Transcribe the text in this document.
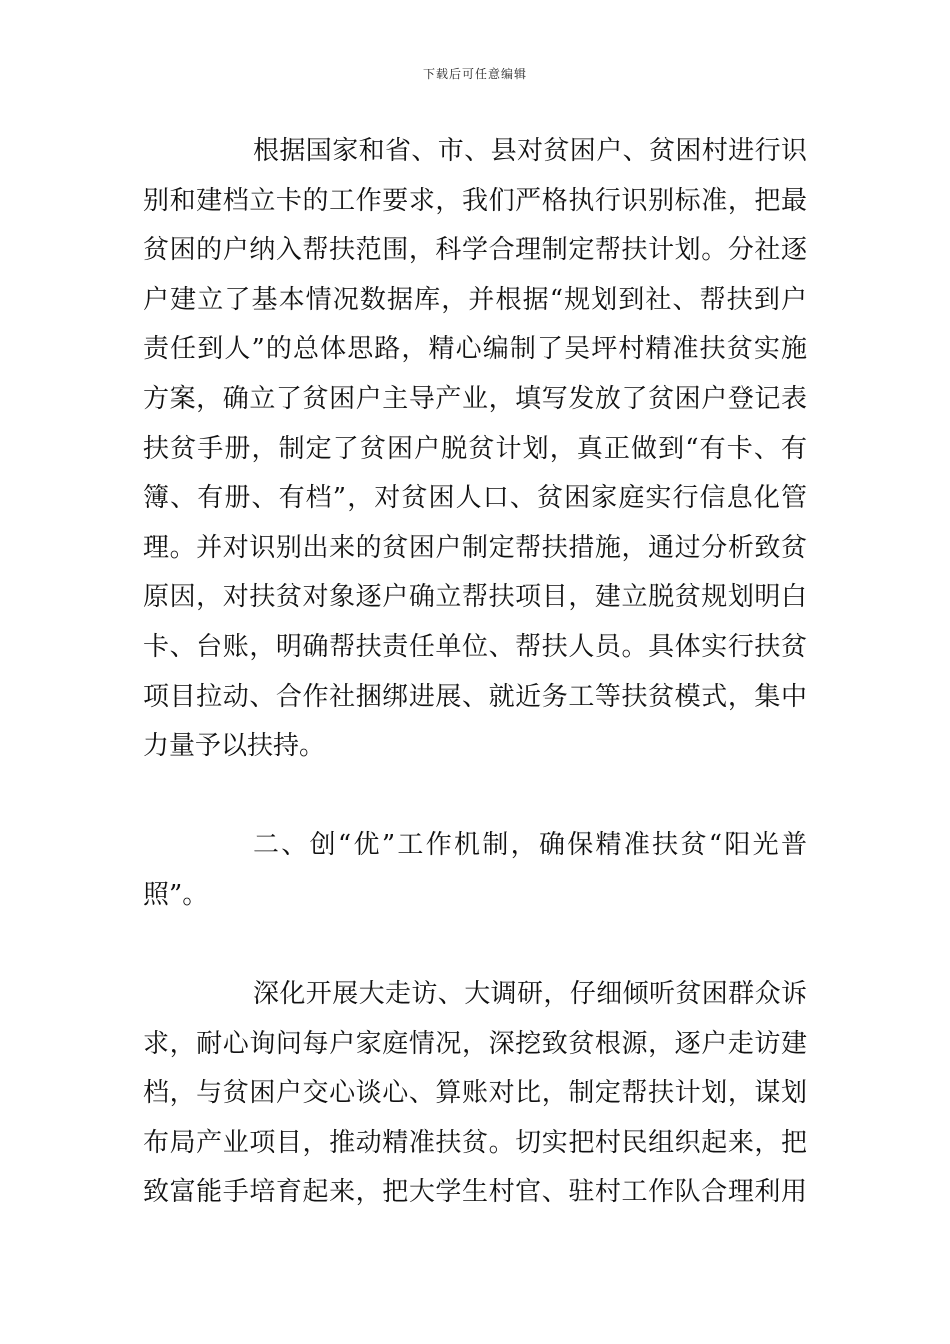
下载后可任意编辑
根据国家和省、市、县对贫困户、贫困村进行识
别和建档立卡的工作要求，我们严格执行识别标准，把最
贫困的户纳入帮扶范围，科学合理制定帮扶计划。分社逐
户建立了基本情况数据库，并根据“规划到社、帮扶到户
责任到人”的总体思路，精心编制了吴坪村精准扶贫实施
方案，确立了贫困户主导产业，填写发放了贫困户登记表
扶贫手册，制定了贫困户脱贫计划，真正做到“有卡、有
簿、有册、有档”，对贫困人口、贫困家庭实行信息化管
理。并对识别出来的贫困户制定帮扶措施，通过分析致贫
原因，对扶贫对象逐户确立帮扶项目，建立脱贫规划明白
卡、台账，明确帮扶责任单位、帮扶人员。具体实行扶贫
项目拉动、合作社捆绑进展、就近务工等扶贫模式，集中
力量予以扶持。
二、创“优”工作机制，确保精准扶贫“阳光普
照”。
深化开展大走访、大调研，仔细倾听贫困群众诉
求，耐心询问每户家庭情况，深挖致贫根源，逐户走访建
档，与贫困户交心谈心、算账对比，制定帮扶计划，谋划
布局产业项目，推动精准扶贫。切实把村民组织起来，把
致富能手培育起来，把大学生村官、驻村工作队合理利用
